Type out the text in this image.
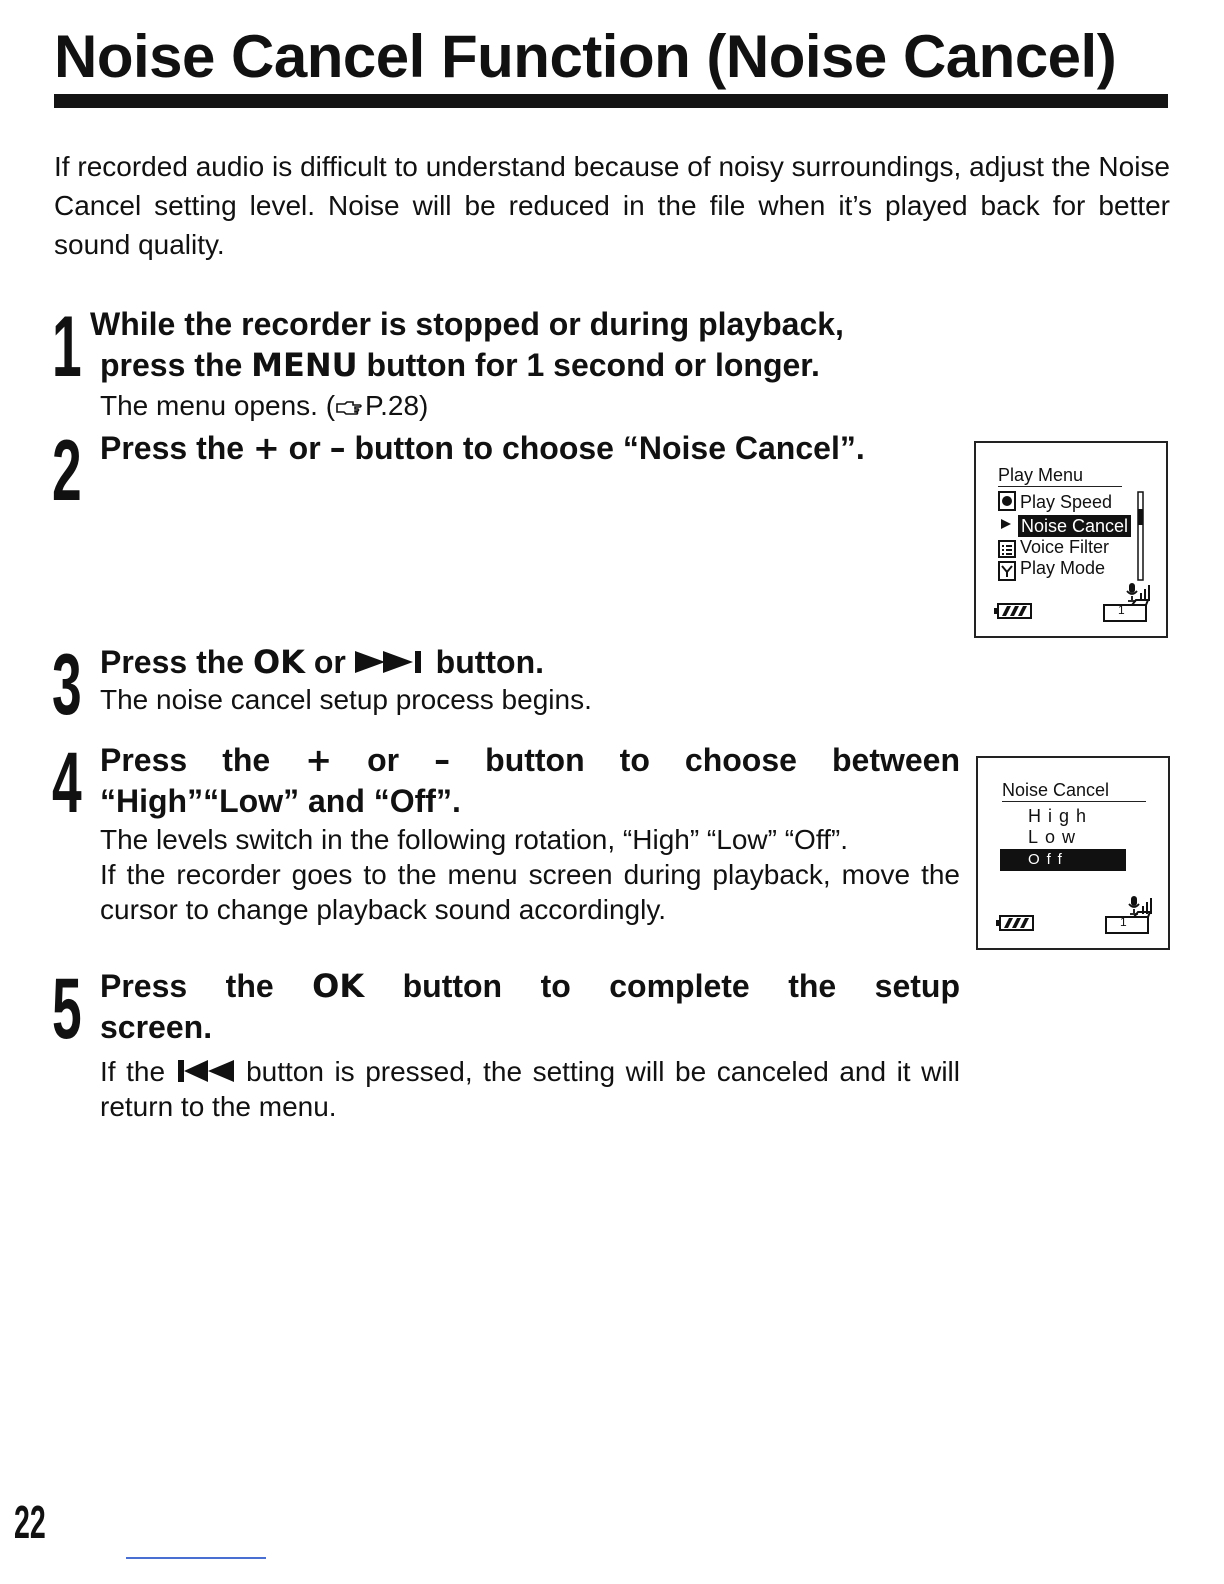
Noise Cancel Function (Noise Cancel)

If recorded audio is difficult to understand because of noisy surroundings, adjust the Noise Cancel setting level. Noise will be reduced in the file when it’s played back for better sound quality.

1 While the recorder is stopped or during playback,

press the MENU button for 1 second or longer.

The menu opens. ( P.28)

2 Press the + or – button to choose “Noise Cancel”.

3 Press the OK or  button.

The noise cancel setup process begins.

4 Press the + or – button to choose between

“High”“Low” and “Off”.

The levels switch in the following rotation, “High” “Low” “Off”.

If the recorder goes to the menu screen during playback, move the cursor to change playback sound accordingly.

5 Press the OK button to complete the setup

screen.

If the  button is pressed, the setting will be canceled and it will return to the menu.

Play Menu
Play Speed
Noise Cancel
Voice Filter
Play Mode
1
Noise Cancel
High
Low
Off
1
22
